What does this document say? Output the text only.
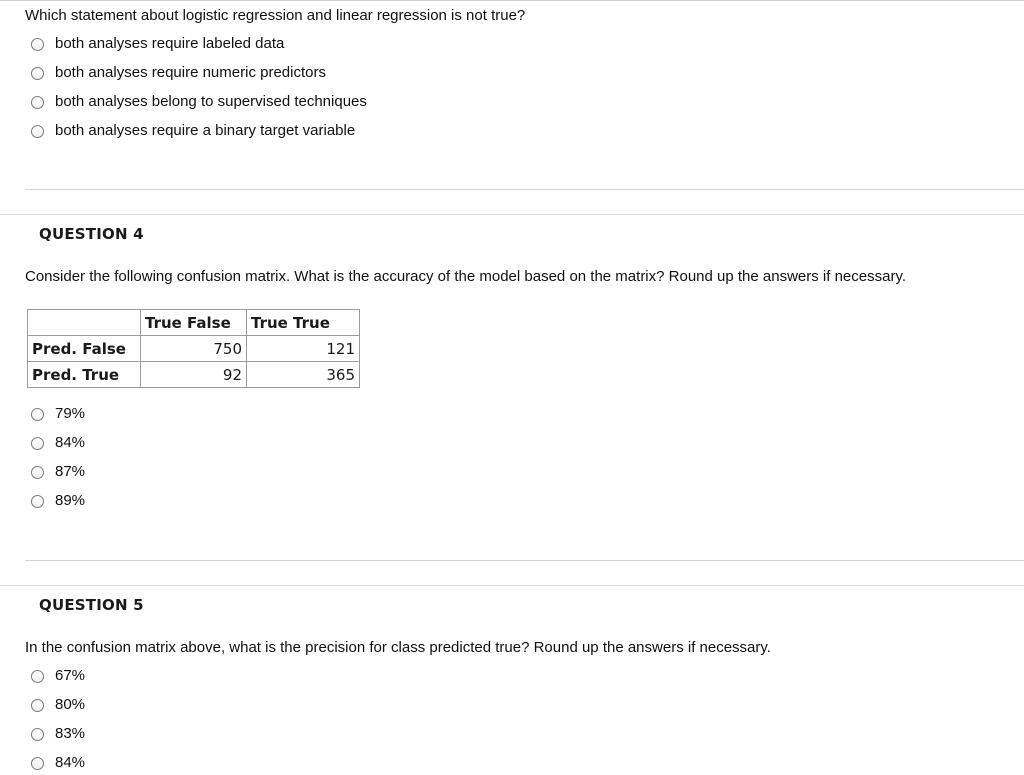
Which statement about logistic regression and linear regression is not true?
both analyses require labeled data
both analyses require numeric predictors
both analyses belong to supervised techniques
both analyses require a binary target variable
QUESTION 4
Consider the following confusion matrix. What is the accuracy of the model based on the matrix? Round up the answers if necessary.
	True False	True True
Pred. False	750	121
Pred. True	92	365
79%
84%
87%
89%
QUESTION 5
In the confusion matrix above, what is the precision for class predicted true? Round up the answers if necessary.
67%
80%
83%
84%
